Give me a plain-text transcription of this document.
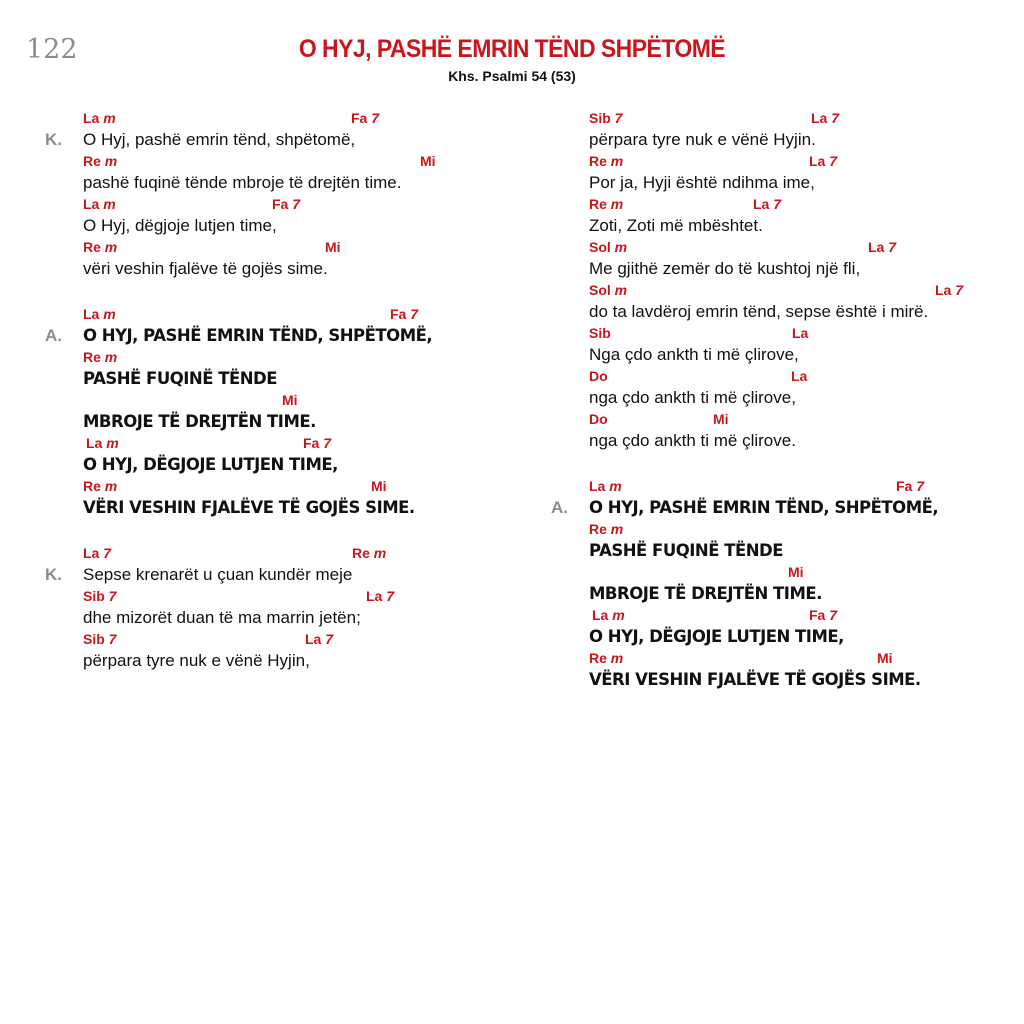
122	O HYJ, PASHË EMRIN TËND SHPËTOMË
Khs. Psalmi 54 (53)
K.
La m	Fa 7
O Hyj, pashë emrin tënd, shpëtomë,
Re m	Mi
pashë fuqinë tënde mbroje të drejtën time.
La m	Fa 7
O Hyj, dëgjoje lutjen time,
Re m	Mi
vëri veshin fjalëve të gojës sime.
A.
La m	Fa 7
O HYJ, PASHË EMRIN TËND, SHPËTOMË,
Re m
PASHË FUQINË TËNDE
Mi
MBROJE TË DREJTËN TIME.
La m	Fa 7
O HYJ, DËGJOJE LUTJEN TIME,
Re m	Mi
VËRI VESHIN FJALËVE TË GOJËS SIME.
K.
La 7	Re m
Sepse krenarët u çuan kundër meje
Sib 7	La 7
dhe mizorët duan të ma marrin jetën;
Sib 7	La 7
përpara tyre nuk e vënë Hyjin,
Sib 7	La 7
përpara tyre nuk e vënë Hyjin.
Re m	La 7
Por ja, Hyji është ndihma ime,
Re m	La 7
Zoti, Zoti më mbështet.
Sol m	La 7
Me gjithë zemër do të kushtoj një fli,
Sol m	La 7
do ta lavdëroj emrin tënd, sepse është i mirë.
Sib	La
Nga çdo ankth ti më çlirove,
Do	La
nga çdo ankth ti më çlirove,
Do	Mi
nga çdo ankth ti më çlirove.
A.
La m	Fa 7
O HYJ, PASHË EMRIN TËND, SHPËTOMË,
Re m
PASHË FUQINË TËNDE
Mi
MBROJE TË DREJTËN TIME.
La m	Fa 7
O HYJ, DËGJOJE LUTJEN TIME,
Re m	Mi
VËRI VESHIN FJALËVE TË GOJËS SIME.
